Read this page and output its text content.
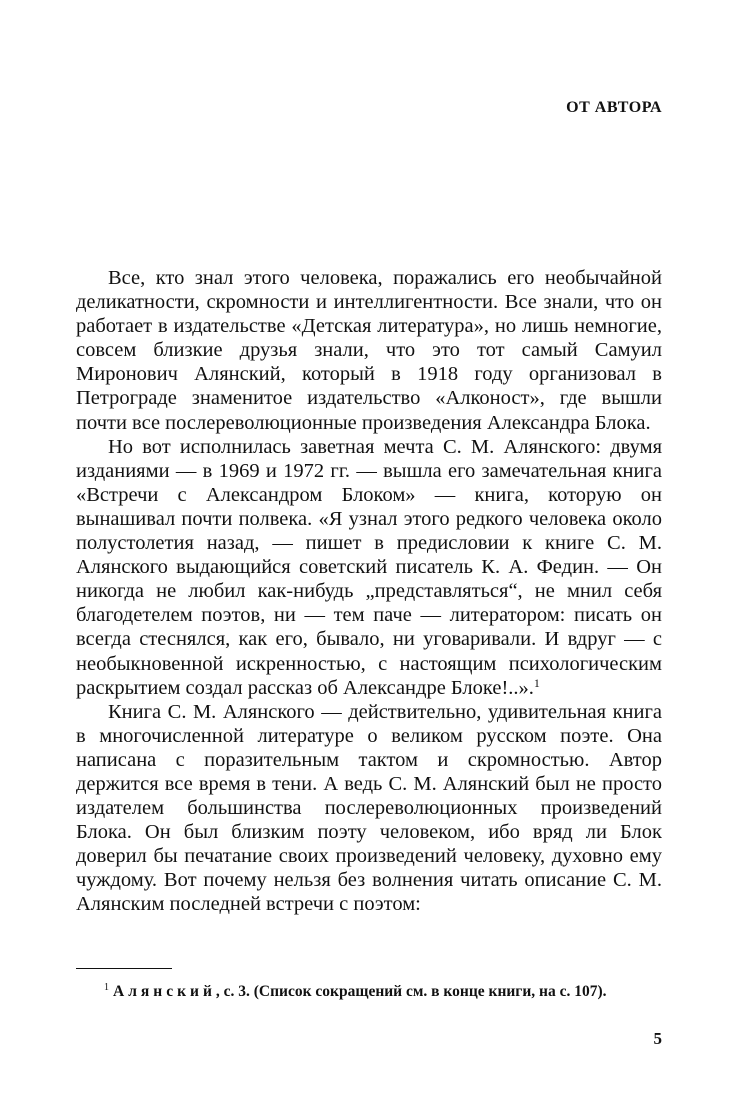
ОТ АВТОРА

Все, кто знал этого человека, поражались его необычайной деликатности, скромности и интеллигентности. Все знали, что он работает в издательстве «Детская литература», но лишь немногие, совсем близкие друзья знали, что это тот самый Самуил Миронович Алянский, который в 1918 году организовал в Петрограде знаменитое издательство «Алконост», где вышли почти все послереволюционные произведения Александра Блока.

Но вот исполнилась заветная мечта С. М. Алянского: двумя изданиями — в 1969 и 1972 гг. — вышла его замечательная книга «Встречи с Александром Блоком» — книга, которую он вынашивал почти полвека. «Я узнал этого редкого человека около полустолетия назад, — пишет в предисловии к книге С. М. Алянского выдающийся советский писатель К. А. Федин. — Он никогда не любил как-нибудь „представляться“, не мнил себя благодетелем поэтов, ни — тем паче — литератором: писать он всегда стеснялся, как его, бывало, ни уговаривали. И вдруг — с необыкновенной искренностью, с настоящим психологическим раскрытием создал рассказ об Александре Блоке!..».$^1$

Книга С. М. Алянского — действительно, удивительная книга в многочисленной литературе о великом русском поэте. Она написана с поразительным тактом и скромностью. Автор держится все время в тени. А ведь С. М. Алянский был не просто издателем большинства послереволюционных произведений Блока. Он был близким поэту человеком, ибо вряд ли Блок доверил бы печатание своих произведений человеку, духовно ему чуждому. Вот почему нельзя без волнения читать описание С. М. Алянским последней встречи с поэтом:

1 Алянский, с. 3. (Список сокращений см. в конце книги, на с. 107).

5
